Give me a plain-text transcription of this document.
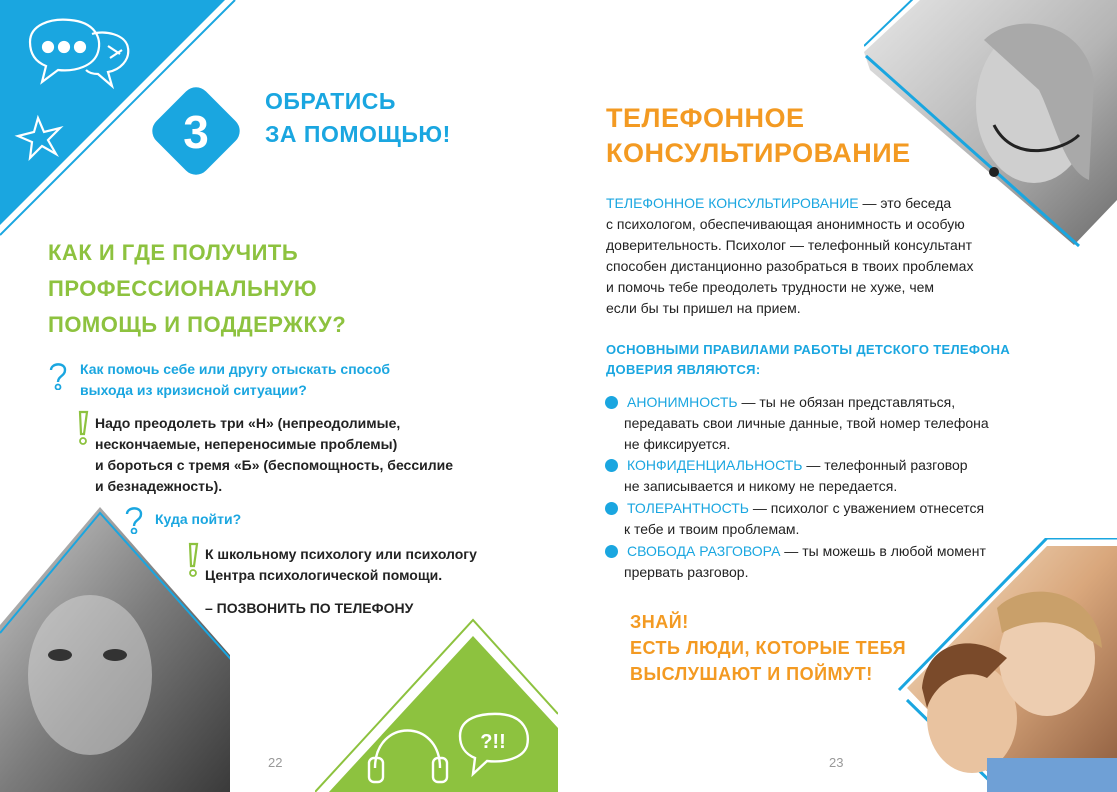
3
ОБРАТИСЬ
ЗА ПОМОЩЬЮ!
КАК И ГДЕ ПОЛУЧИТЬ
ПРОФЕССИОНАЛЬНУЮ
ПОМОЩЬ И ПОДДЕРЖКУ?
Как помочь себе или другу отыскать способ
выхода из кризисной ситуации?
Надо преодолеть три «Н» (непреодолимые,
нескончаемые, непереносимые проблемы)
и бороться с тремя «Б» (беспомощность, бессилие
и безнадежность).
Куда пойти?
К школьному психологу или психологу
Центра психологической помощи.
– ПОЗВОНИТЬ ПО ТЕЛЕФОНУ
?!!
22
ТЕЛЕФОННОЕ
КОНСУЛЬТИРОВАНИЕ
ТЕЛЕФОННОЕ КОНСУЛЬТИРОВАНИЕ — это беседа
с психологом, обеспечивающая анонимность и особую
доверительность. Психолог — телефонный консультант
способен дистанционно разобраться в твоих проблемах
и помочь тебе преодолеть трудности не хуже, чем
если бы ты пришел на прием.
ОСНОВНЫМИ ПРАВИЛАМИ РАБОТЫ ДЕТСКОГО ТЕЛЕФОНА
ДОВЕРИЯ ЯВЛЯЮТСЯ:
АНОНИМНОСТЬ — ты не обязан представляться,
передавать свои личные данные, твой номер телефона
не фиксируется.
КОНФИДЕНЦИАЛЬНОСТЬ — телефонный разговор
не записывается и никому не передается.
ТОЛЕРАНТНОСТЬ — психолог с уважением отнесется
к тебе и твоим проблемам.
СВОБОДА РАЗГОВОРА — ты можешь в любой момент
прервать разговор.
ЗНАЙ!
ЕСТЬ ЛЮДИ, КОТОРЫЕ ТЕБЯ
ВЫСЛУШАЮТ И ПОЙМУТ!
23
